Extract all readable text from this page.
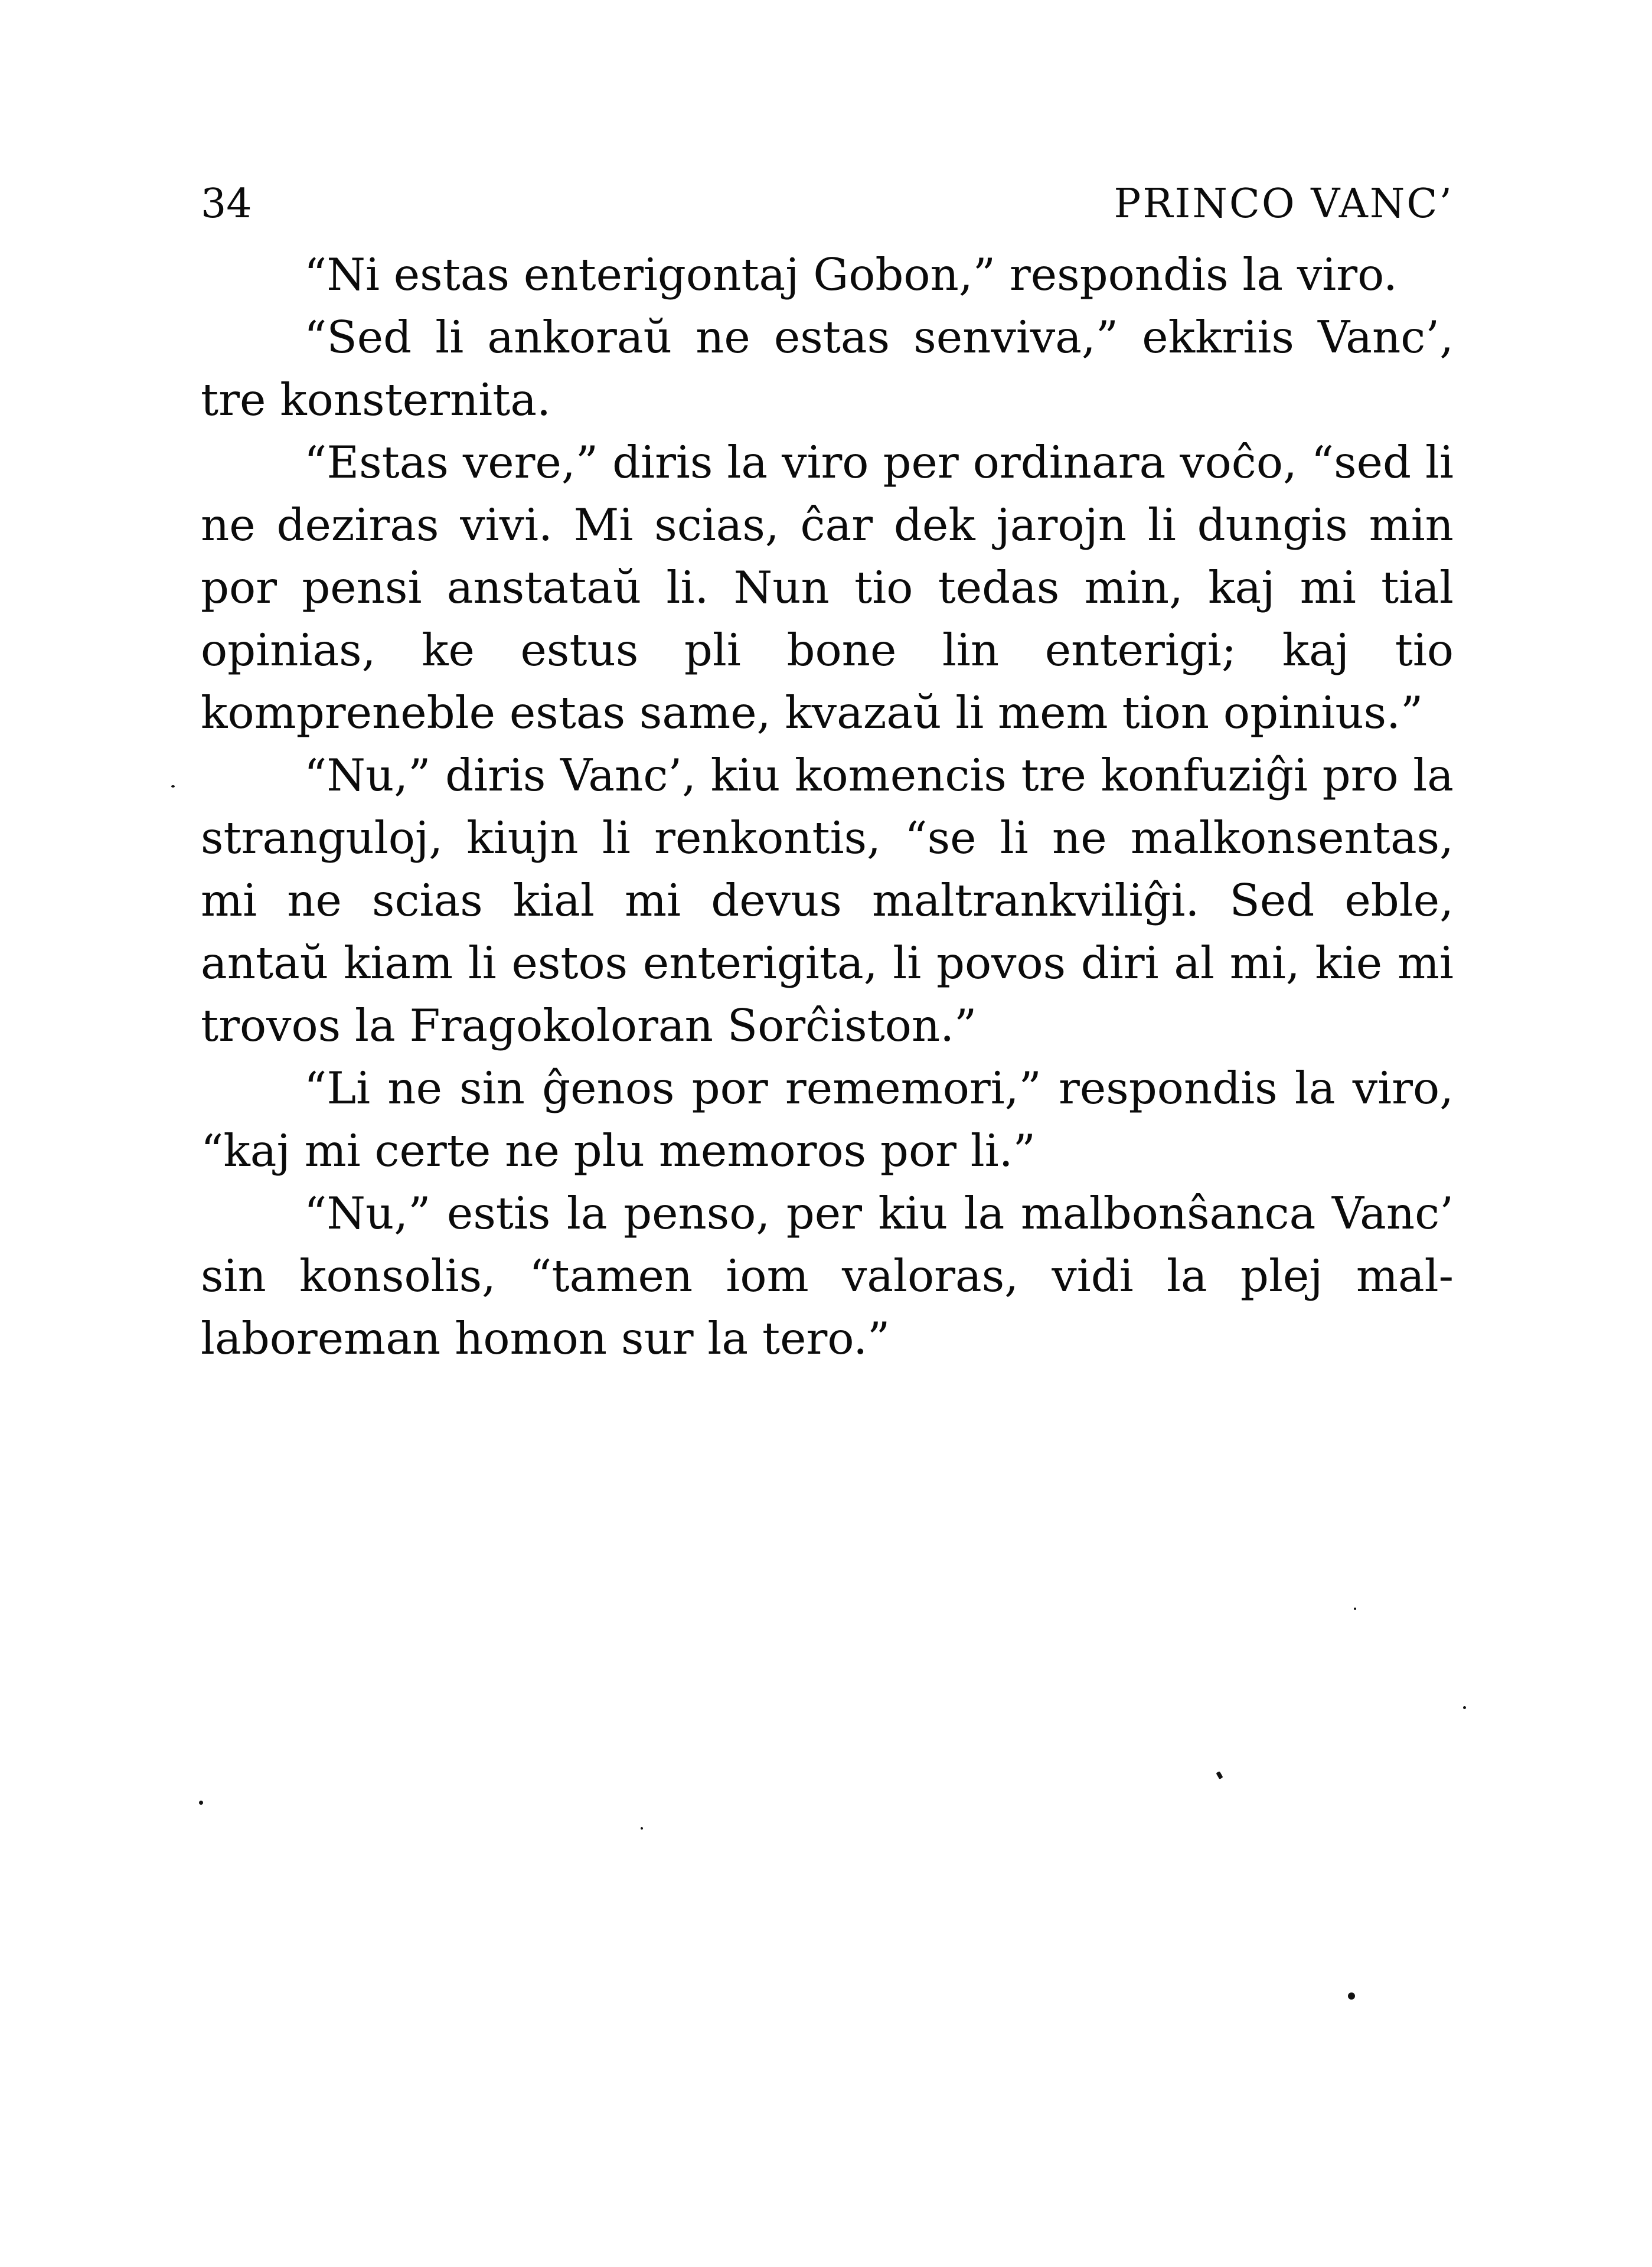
34	PRINCO VANC’

“Ni estas enterigontaj Gobon,” respondis la viro.

“Sed li ankoraŭ ne estas senviva,” ekkriis Vanc’, tre konsternita.

“Estas vere,” diris la viro per ordinara voĉo, “sed li ne deziras vivi. Mi scias, ĉar dek jarojn li dungis min por pensi anstataŭ li. Nun tio tedas min, kaj mi tial opinias, ke estus pli bone lin enterigi; kaj tio kompreneble estas same, kvazaŭ li mem tion opinius.”

“Nu,” diris Vanc’, kiu komencis tre konfuziĝi pro la stranguloj, kiujn li renkontis, “se li ne malkonsentas, mi ne scias kial mi devus maltrankviliĝi. Sed eble, antaŭ kiam li estos enterigita, li povos diri al mi, kie mi trovos la Fragokoloran Sorĉiston.”

“Li ne sin ĝenos por rememori,” respondis la viro, “kaj mi certe ne plu memoros por li.”

“Nu,” estis la penso, per kiu la malbonŝanca Vanc’ sin konsolis, “tamen iom valoras, vidi la plej mal-laboreman homon sur la tero.”
